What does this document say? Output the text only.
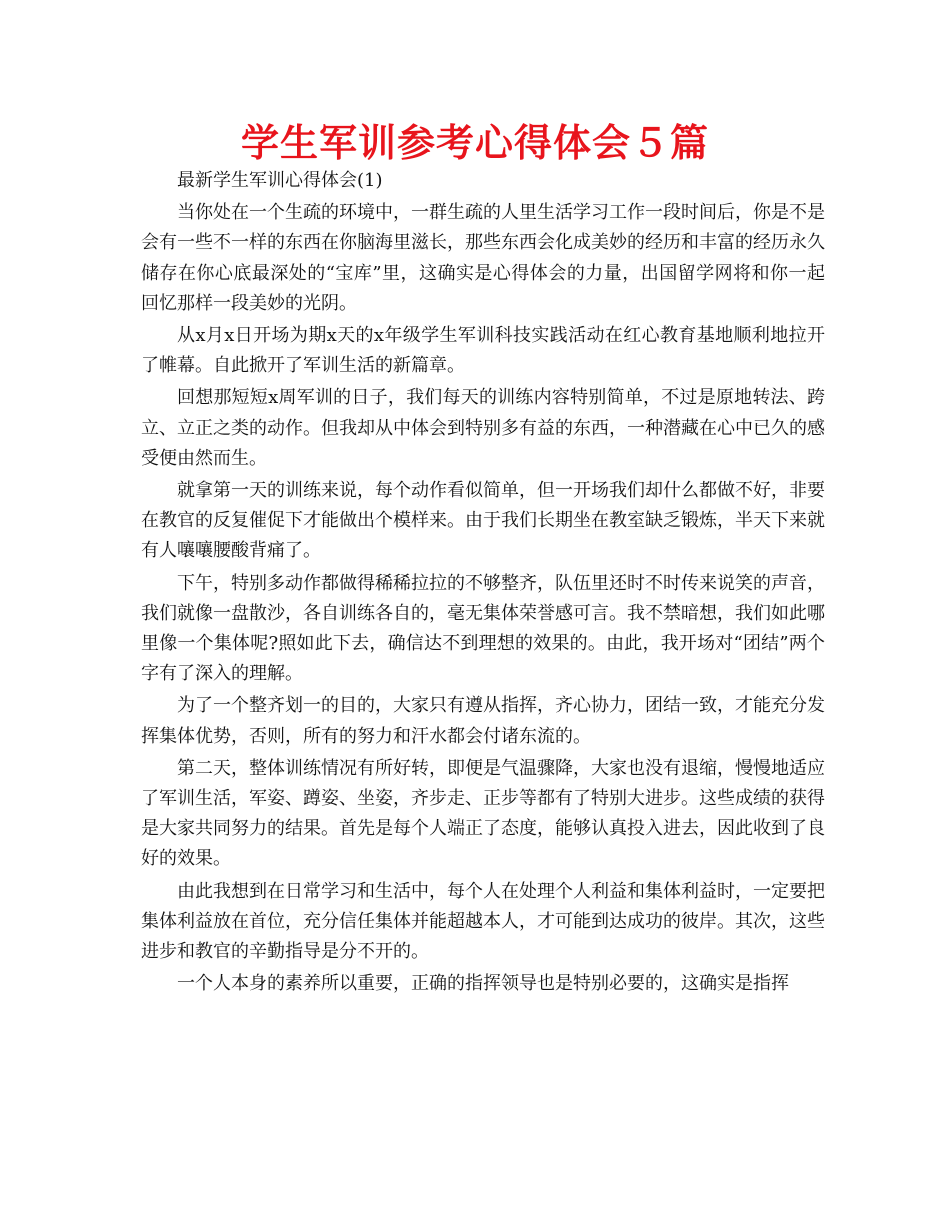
学生军训参考心得体会５篇
最新学生军训心得体会(1)

当你处在一个生疏的环境中，一群生疏的人里生活学习工作一段时间后，你是不是会有一些不一样的东西在你脑海里滋长，那些东西会化成美妙的经历和丰富的经历永久储存在你心底最深处的“宝库”里，这确实是心得体会的力量，出国留学网将和你一起回忆那样一段美妙的光阴。

从x月x日开场为期x天的x年级学生军训科技实践活动在红心教育基地顺利地拉开了帷幕。自此掀开了军训生活的新篇章。

回想那短短x周军训的日子，我们每天的训练内容特别简单，不过是原地转法、跨立、立正之类的动作。但我却从中体会到特别多有益的东西，一种潜藏在心中已久的感受便由然而生。

就拿第一天的训练来说，每个动作看似简单，但一开场我们却什么都做不好，非要在教官的反复催促下才能做出个模样来。由于我们长期坐在教室缺乏锻炼，半天下来就有人嚷嚷腰酸背痛了。

下午，特别多动作都做得稀稀拉拉的不够整齐，队伍里还时不时传来说笑的声音，我们就像一盘散沙，各自训练各自的，毫无集体荣誉感可言。我不禁暗想，我们如此哪里像一个集体呢?照如此下去，确信达不到理想的效果的。由此，我开场对“团结”两个字有了深入的理解。

为了一个整齐划一的目的，大家只有遵从指挥，齐心协力，团结一致，才能充分发挥集体优势，否则，所有的努力和汗水都会付诸东流的。

第二天，整体训练情况有所好转，即便是气温骤降，大家也没有退缩，慢慢地适应了军训生活，军姿、蹲姿、坐姿，齐步走、正步等都有了特别大进步。这些成绩的获得是大家共同努力的结果。首先是每个人端正了态度，能够认真投入进去，因此收到了良好的效果。

由此我想到在日常学习和生活中，每个人在处理个人利益和集体利益时，一定要把集体利益放在首位，充分信任集体并能超越本人，才可能到达成功的彼岸。其次，这些进步和教官的辛勤指导是分不开的。

一个人本身的素养所以重要，正确的指挥领导也是特别必要的，这确实是指挥
